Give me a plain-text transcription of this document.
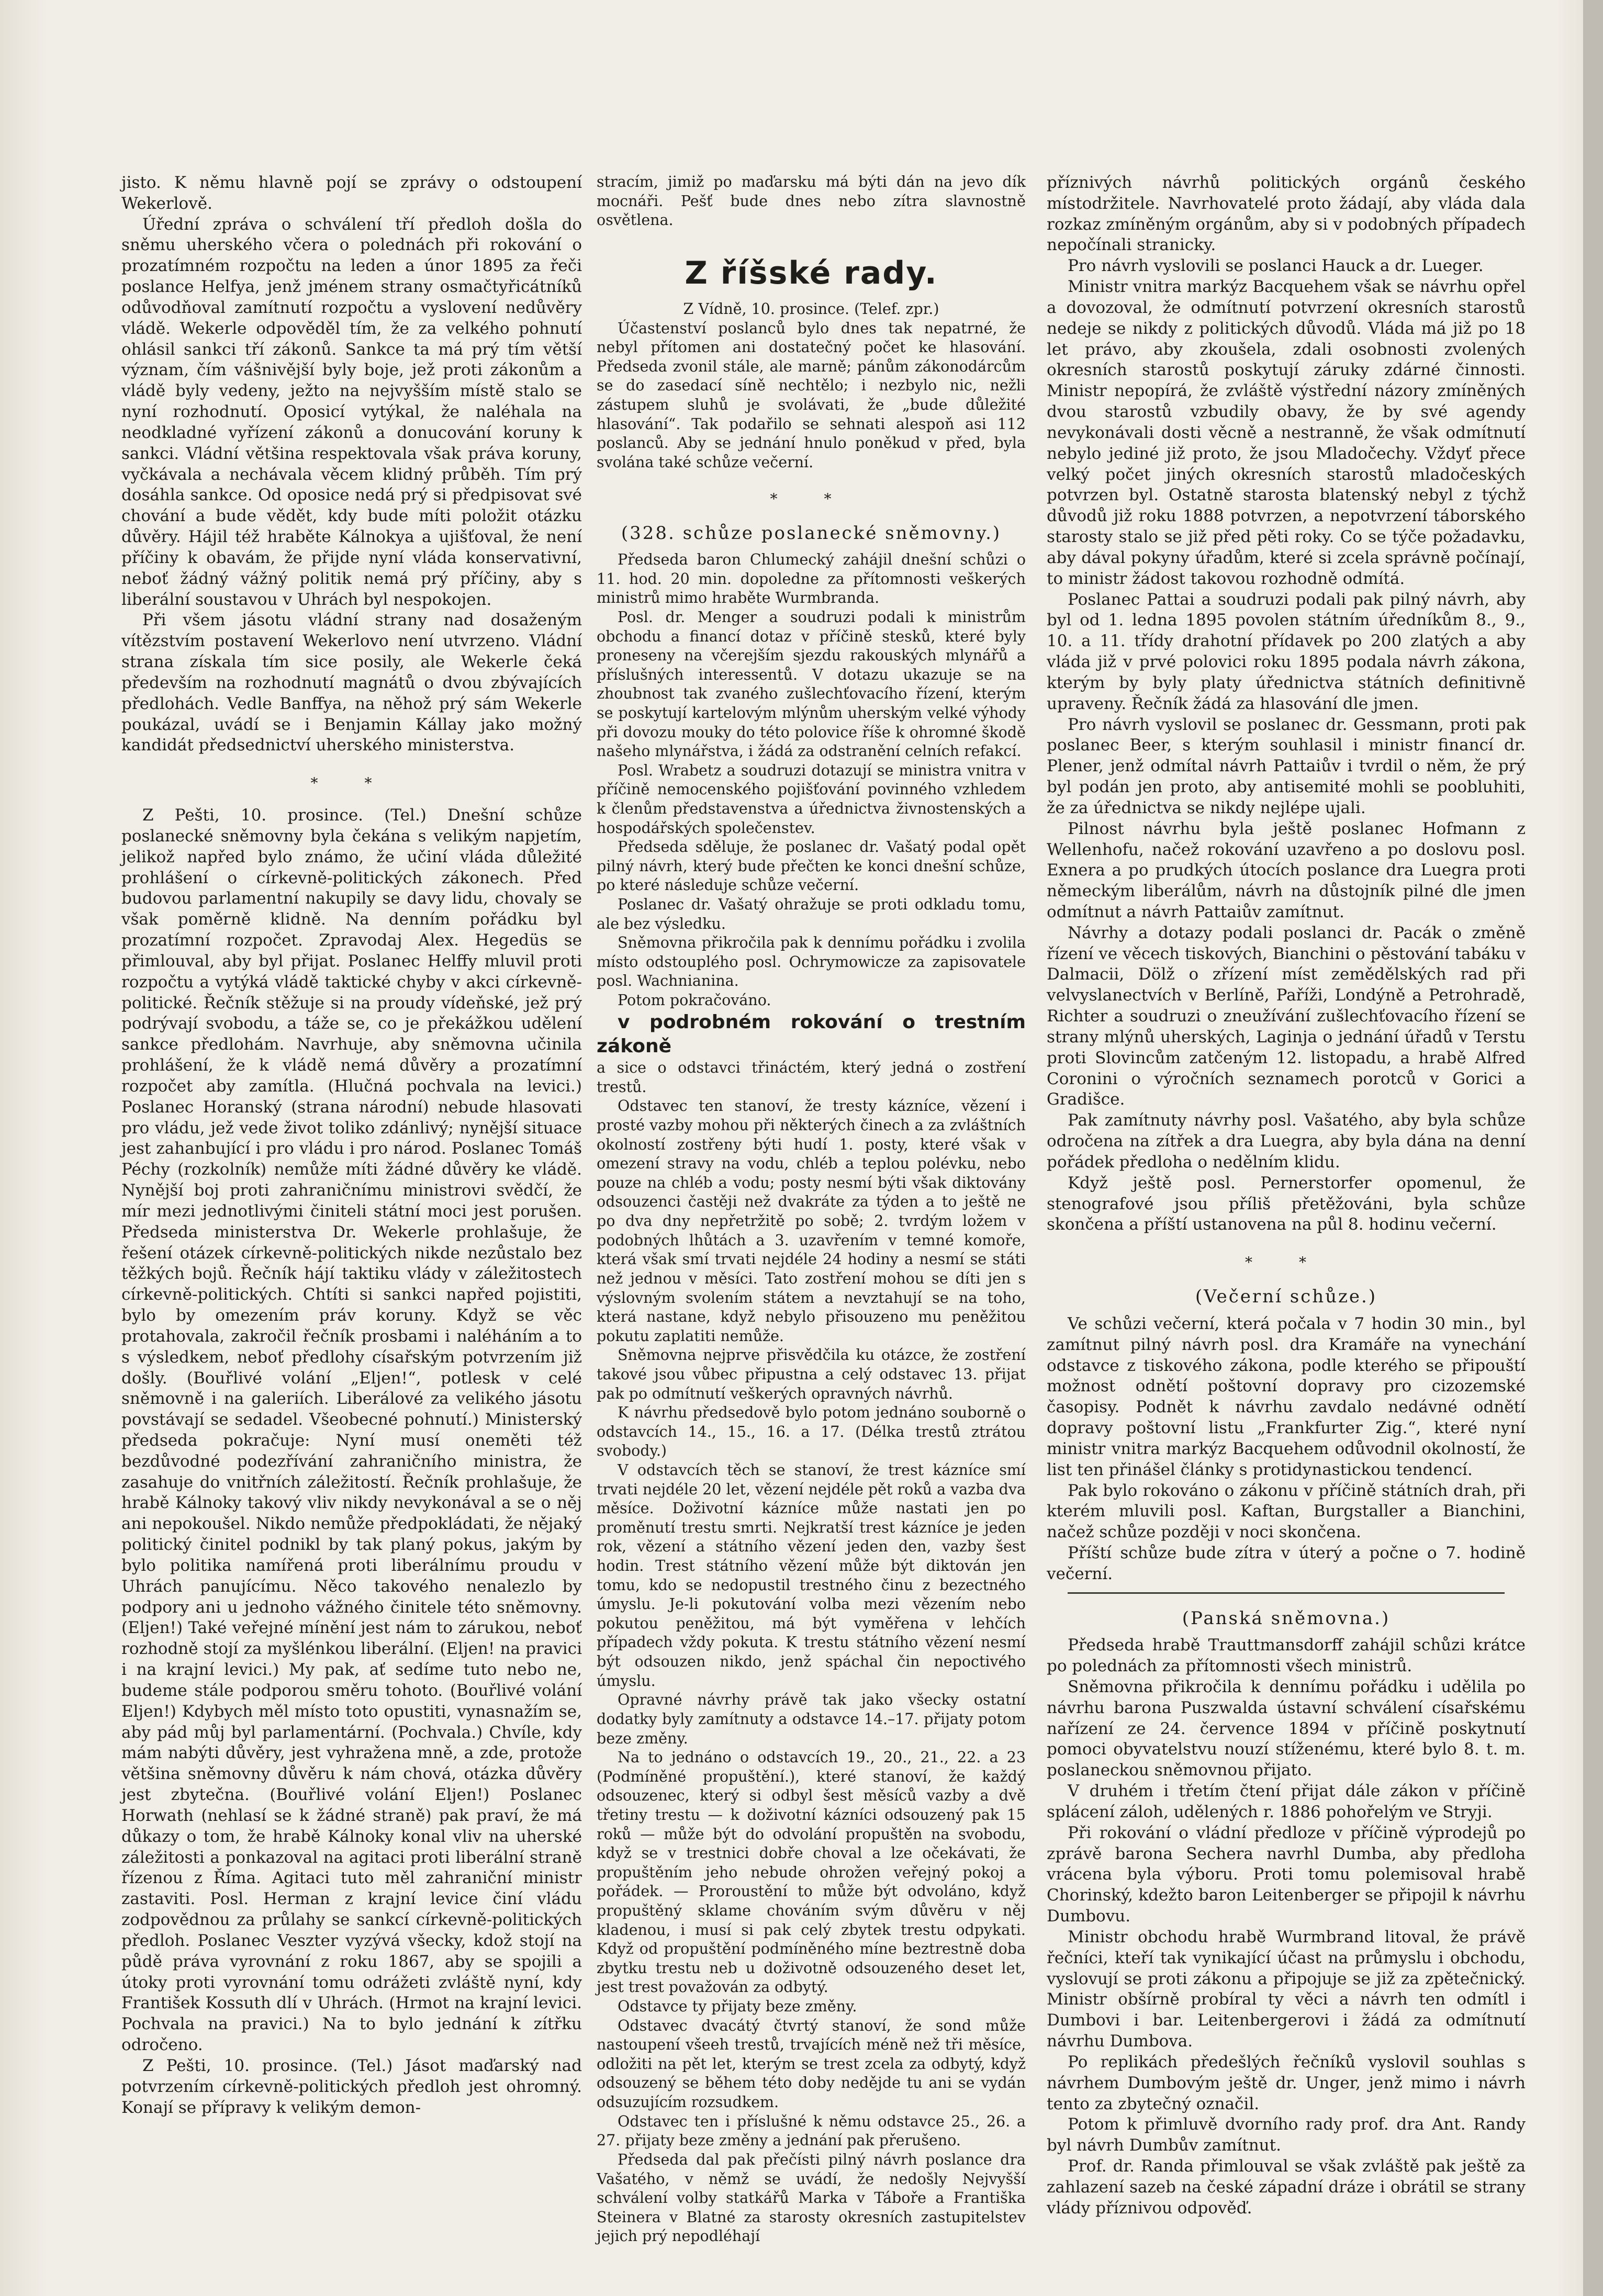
jisto. K němu hlavně pojí se zprávy o odstoupení Wekerlově.

Úřední zpráva o schválení tří předloh došla do sněmu uherského včera o polednách při rokování o prozatímném rozpočtu na leden a únor 1895 za řeči poslance Helfya, jenž jménem strany osmačtyřicátníků odůvodňoval zamítnutí rozpočtu a vyslovení nedůvěry vládě. Wekerle odpověděl tím, že za velkého pohnutí ohlásil sankci tří zákonů. Sankce ta má prý tím větší význam, čím vášnivější byly boje, jež proti zákonům a vládě byly vedeny, ježto na nejvyšším místě stalo se nyní rozhodnutí. Oposicí vytýkal, že naléhala na neodkladné vyřízení zákonů a donucování koruny k sankci. Vládní většina respektovala však práva koruny, vyčkávala a nechávala věcem klidný průběh. Tím prý dosáhla sankce. Od oposice nedá prý si předpisovat své chování a bude vědět, kdy bude míti položit otázku důvěry. Hájil též hraběte Kálnokya a ujišťoval, že není příčiny k obavám, že přijde nyní vláda konservativní, neboť žádný vážný politik nemá prý příčiny, aby s liberální soustavou v Uhrách byl nespokojen.

Při všem jásotu vládní strany nad dosaženým vítězstvím postavení Wekerlovo není utvrzeno. Vládní strana získala tím sice posily, ale Wekerle čeká především na rozhodnutí magnátů o dvou zbývajících předlohách. Vedle Banffya, na něhož prý sám Wekerle poukázal, uvádí se i Benjamin Kállay jako možný kandidát předsednictví uherského ministerstva.

* *

Z Pešti, 10. prosince. (Tel.) Dnešní schůze poslanecké sněmovny byla čekána s velikým napjetím, jelikož napřed bylo známo, že učiní vláda důležité prohlášení o církevně-politických zákonech. Před budovou parlamentní nakupily se davy lidu, chovaly se však poměrně klidně. Na denním pořádku byl prozatímní rozpočet. Zpravodaj Alex. Hegedüs se přimlouval, aby byl přijat. Poslanec Helffy mluvil proti rozpočtu a vytýká vládě taktické chyby v akci církevně-politické. Řečník stěžuje si na proudy vídeňské, jež prý podrývají svobodu, a táže se, co je překážkou udělení sankce předlohám. Navrhuje, aby sněmovna učinila prohlášení, že k vládě nemá důvěry a prozatímní rozpočet aby zamítla. (Hlučná pochvala na levici.) Poslanec Horanský (strana národní) nebude hlasovati pro vládu, jež vede život toliko zdánlivý; nynější situace jest zahanbující i pro vládu i pro národ. Poslanec Tomáš Péchy (rozkolník) nemůže míti žádné důvěry ke vládě. Nynější boj proti zahraničnímu ministrovi svědčí, že mír mezi jednotlivými činiteli státní moci jest porušen. Předseda ministerstva Dr. Wekerle prohlašuje, že řešení otázek církevně-politických nikde nezůstalo bez těžkých bojů. Řečník hájí taktiku vlády v záležitostech církevně-politických. Chtíti si sankci napřed pojistiti, bylo by omezením práv koruny. Když se věc protahovala, zakročil řečník prosbami i naléháním a to s výsledkem, neboť předlohy císařským potvrzením již došly. (Bouřlivé volání „Eljen!“, potlesk v celé sněmovně i na galeriích. Liberálové za velikého jásotu povstávají se sedadel. Všeobecné pohnutí.) Ministerský předseda pokračuje: Nyní musí oneměti též bezdůvodné podezřívání zahraničního ministra, že zasahuje do vnitřních záležitostí. Řečník prohlašuje, že hrabě Kálnoky takový vliv nikdy nevykonával a se o něj ani nepokoušel. Nikdo nemůže předpokládati, že nějaký politický činitel podnikl by tak planý pokus, jakým by bylo politika namířená proti liberálnímu proudu v Uhrách panujícímu. Něco takového nenalezlo by podpory ani u jednoho vážného činitele této sněmovny. (Eljen!) Také veřejné mínění jest nám to zárukou, neboť rozhodně stojí za myšlénkou liberální. (Eljen! na pravici i na krajní levici.) My pak, ať sedíme tuto nebo ne, budeme stále podporou směru tohoto. (Bouřlivé volání Eljen!) Kdybych měl místo toto opustiti, vynasnažím se, aby pád můj byl parlamentární. (Pochvala.) Chvíle, kdy mám nabýti důvěry, jest vyhražena mně, a zde, protože většina sněmovny důvěru k nám chová, otázka důvěry jest zbytečna. (Bouřlivé volání Eljen!) Poslanec Horwath (nehlasí se k žádné straně) pak praví, že má důkazy o tom, že hrabě Kálnoky konal vliv na uherské záležitosti a ponkazoval na agitaci proti liberální straně řízenou z Říma. Agitaci tuto měl zahraniční ministr zastaviti. Posl. Herman z krajní levice činí vládu zodpovědnou za průlahy se sankcí církevně-politických předloh. Poslanec Veszter vyzývá všecky, kdož stojí na půdě práva vyrovnání z roku 1867, aby se spojili a útoky proti vyrovnání tomu odrážeti zvláště nyní, kdy František Kossuth dlí v Uhrách. (Hrmot na krajní levici. Pochvala na pravici.) Na to bylo jednání k zítřku odročeno.

Z Pešti, 10. prosince. (Tel.) Jásot maďarský nad potvrzením církevně-politických předloh jest ohromný. Konají se přípravy k velikým demon-

stracím, jimiž po maďarsku má býti dán na jevo dík mocnáři. Pešť bude dnes nebo zítra slavnostně osvětlena.

Z říšské rady.

Z Vídně, 10. prosince. (Telef. zpr.)

Účastenství poslanců bylo dnes tak nepatrné, že nebyl přítomen ani dostatečný počet ke hlasování. Předseda zvonil stále, ale marně; pánům zákonodárcům se do zasedací síně nechtělo; i nezbylo nic, nežli zástupem sluhů je svolávati, že „bude důležité hlasování“. Tak podařilo se sehnati alespoň asi 112 poslanců. Aby se jednání hnulo poněkud v před, byla svolána také schůze večerní.

* *
(328. schůze poslanecké sněmovny.)

Předseda baron Chlumecký zahájil dnešní schůzi o 11. hod. 20 min. dopoledne za přítomnosti veškerých ministrů mimo hraběte Wurmbranda.

Posl. dr. Menger a soudruzi podali k ministrům obchodu a financí dotaz v příčině stesků, které byly proneseny na včerejším sjezdu rakouských mlynářů a příslušných interessentů. V dotazu ukazuje se na zhoubnost tak zvaného zušlechťovacího řízení, kterým se poskytují kartelovým mlýnům uherským velké výhody při dovozu mouky do této polovice říše k ohromné škodě našeho mlynářstva, i žádá za odstranění celních refakcí.

Posl. Wrabetz a soudruzi dotazují se ministra vnitra v příčině nemocenského pojišťování povinného vzhledem k členům představenstva a úřednictva živnostenských a hospodářských společenstev.

Předseda sděluje, že poslanec dr. Vašatý podal opět pilný návrh, který bude přečten ke konci dnešní schůze, po které následuje schůze večerní.

Poslanec dr. Vašatý ohražuje se proti odkladu tomu, ale bez výsledku.

Sněmovna přikročila pak k dennímu pořádku i zvolila místo odstouplého posl. Ochrymowicze za zapisovatele posl. Wachnianina.

Potom pokračováno.

v podrobném rokování o trestním zákoně

a sice o odstavci třináctém, který jedná o zostření trestů.

Odstavec ten stanoví, že tresty kázníce, vězení i prosté vazby mohou při některých činech a za zvláštních okolností zostřeny býti hudí 1. posty, které však v omezení stravy na vodu, chléb a teplou polévku, nebo pouze na chléb a vodu; posty nesmí býti však diktovány odsouzenci častěji než dvakráte za týden a to ještě ne po dva dny nepřetržitě po sobě; 2. tvrdým ložem v podobných lhůtách a 3. uzavřením v temné komoře, která však smí trvati nejdéle 24 hodiny a nesmí se státi než jednou v měsíci. Tato zostření mohou se díti jen s výslovným svolením státem a nevztahují se na toho, která nastane, když nebylo přisouzeno mu peněžitou pokutu zaplatiti nemůže.

Sněmovna nejprve přisvědčila ku otázce, že zostření takové jsou vůbec připustna a celý odstavec 13. přijat pak po odmítnutí veškerých opravných návrhů.

K návrhu předsedově bylo potom jednáno souborně o odstavcích 14., 15., 16. a 17. (Délka trestů ztrátou svobody.)

V odstavcích těch se stanoví, že trest kázníce smí trvati nejdéle 20 let, vězení nejdéle pět roků a vazba dva měsíce. Doživotní kázníce může nastati jen po proměnutí trestu smrti. Nejkratší trest kázníce je jeden rok, vězení a státního vězení jeden den, vazby šest hodin. Trest státního vězení může být diktován jen tomu, kdo se nedopustil trestného činu z bezectného úmyslu. Je-li pokutování volba mezi vězením nebo pokutou peněžitou, má být vyměřena v lehčích případech vždy pokuta. K trestu státního vězení nesmí být odsouzen nikdo, jenž spáchal čin nepoctivého úmyslu.

Opravné návrhy právě tak jako všecky ostatní dodatky byly zamítnuty a odstavce 14.–17. přijaty potom beze změny.

Na to jednáno o odstavcích 19., 20., 21., 22. a 23 (Podmíněné propuštění.), které stanoví, že každý odsouzenec, který si odbyl šest měsíců vazby a dvě třetiny trestu — k doživotní kázníci odsouzený pak 15 roků — může být do odvolání propuštěn na svobodu, když se v trestnici dobře choval a lze očekávati, že propuštěním jeho nebude ohrožen veřejný pokoj a pořádek. — Proroustění to může být odvoláno, když propuštěný sklame chováním svým důvěru v něj kladenou, i musí si pak celý zbytek trestu odpykati. Když od propuštění podmíněného míne beztrestně doba zbytku trestu neb u doživotně odsouzeného deset let, jest trest považován za odbytý.

Odstavce ty přijaty beze změny.

Odstavec dvacátý čtvrtý stanoví, že sond může nastoupení všeeh trestů, trvajících méně než tři měsíce, odložiti na pět let, kterým se trest zcela za odbytý, když odsouzený se během této doby nedějde tu ani se vydán odsuzujícím rozsudkem.

Odstavec ten i příslušné k němu odstavce 25., 26. a 27. přijaty beze změny a jednání pak přerušeno.

Předseda dal pak přečísti pilný návrh poslance dra Vašatého, v němž se uvádí, že nedošly Nejvyšší schválení volby statkářů Marka v Táboře a Františka Steinera v Blatné za starosty okresních zastupitelstev jejich prý nepodléhají

příznivých návrhů politických orgánů českého místodržitele. Navrhovatelé proto žádají, aby vláda dala rozkaz zmíněným orgánům, aby si v podobných případech nepočínali stranicky.

Pro návrh vyslovili se poslanci Hauck a dr. Lueger.

Ministr vnitra markýz Bacquehem však se návrhu opřel a dovozoval, že odmítnutí potvrzení okresních starostů nedeje se nikdy z politických důvodů. Vláda má již po 18 let právo, aby zkoušela, zdali osobnosti zvolených okresních starostů poskytují záruky zdárné činnosti. Ministr nepopírá, že zvláště výstřední názory zmíněných dvou starostů vzbudily obavy, že by své agendy nevykonávali dosti věcně a nestranně, že však odmítnutí nebylo jediné již proto, že jsou Mladočechy. Vždyť přece velký počet jiných okresních starostů mladočeských potvrzen byl. Ostatně starosta blatenský nebyl z týchž důvodů již roku 1888 potvrzen, a nepotvrzení táborského starosty stalo se již před pěti roky. Co se týče požadavku, aby dával pokyny úřadům, které si zcela správně počínají, to ministr žádost takovou rozhodně odmítá.

Poslanec Pattai a soudruzi podali pak pilný návrh, aby byl od 1. ledna 1895 povolen státním úředníkům 8., 9., 10. a 11. třídy drahotní přídavek po 200 zlatých a aby vláda již v prvé polovici roku 1895 podala návrh zákona, kterým by byly platy úřednictva státních definitivně upraveny. Řečník žádá za hlasování dle jmen.

Pro návrh vyslovil se poslanec dr. Gessmann, proti pak poslanec Beer, s kterým souhlasil i ministr financí dr. Plener, jenž odmítal návrh Pattaiův i tvrdil o něm, že prý byl podán jen proto, aby antisemité mohli se poobluhiti, že za úřednictva se nikdy nejlépe ujali.

Pilnost návrhu byla ještě poslanec Hofmann z Wellenhofu, načež rokování uzavřeno a po doslovu posl. Exnera a po prudkých útocích poslance dra Luegra proti německým liberálům, návrh na důstojník pilné dle jmen odmítnut a návrh Pattaiův zamítnut.

Návrhy a dotazy podali poslanci dr. Pacák o změně řízení ve věcech tiskových, Bianchini o pěstování tabáku v Dalmacii, Dölž o zřízení míst zemědělských rad při velvyslanectvích v Berlíně, Paříži, Londýně a Petrohradě, Richter a soudruzi o zneužívání zušlechťovacího řízení se strany mlýnů uherských, Laginja o jednání úřadů v Terstu proti Slovincům zatčeným 12. listopadu, a hrabě Alfred Coronini o výročních seznamech porotců v Gorici a Gradišce.

Pak zamítnuty návrhy posl. Vašatého, aby byla schůze odročena na zítřek a dra Luegra, aby byla dána na denní pořádek předloha o nedělním klidu.

Když ještě posl. Pernerstorfer opomenul, že stenografové jsou příliš přetěžováni, byla schůze skončena a příští ustanovena na půl 8. hodinu večerní.

* *
(Večerní schůze.)

Ve schůzi večerní, která počala v 7 hodin 30 min., byl zamítnut pilný návrh posl. dra Kramáře na vynechání odstavce z tiskového zákona, podle kterého se připouští možnost odnětí poštovní dopravy pro cizozemské časopisy. Podnět k návrhu zavdalo nedávné odnětí dopravy poštovní listu „Frankfurter Zig.“, které nyní ministr vnitra markýz Bacquehem odůvodnil okolností, že list ten přinášel články s protidynastickou tendencí.

Pak bylo rokováno o zákonu v příčině státních drah, při kterém mluvili posl. Kaftan, Burgstaller a Bianchini, načež schůze později v noci skončena.

Příští schůze bude zítra v úterý a počne o 7. hodině večerní.

(Panská sněmovna.)

Předseda hrabě Trauttmansdorff zahájil schůzi krátce po polednách za přítomnosti všech ministrů.

Sněmovna přikročila k dennímu pořádku i udělila po návrhu barona Puszwalda ústavní schválení císařskému nařízení ze 24. července 1894 v příčině poskytnutí pomoci obyvatelstvu nouzí stíženému, které bylo 8. t. m. poslaneckou sněmovnou přijato.

V druhém i třetím čtení přijat dále zákon v příčině splácení záloh, udělených r. 1886 pohořelým ve Stryji.

Při rokování o vládní předloze v příčině výprodejů po zprávě barona Sechera navrhl Dumba, aby předloha vrácena byla výboru. Proti tomu polemisoval hrabě Chorinský, kdežto baron Leitenberger se připojil k návrhu Dumbovu.

Ministr obchodu hrabě Wurmbrand litoval, že právě řečníci, kteří tak vynikající účast na průmyslu i obchodu, vyslovují se proti zákonu a připojuje se již za zpětečnický. Ministr obšírně probíral ty věci a návrh ten odmítl i Dumbovi i bar. Leitenbergerovi i žádá za odmítnutí návrhu Dumbova.

Po replikách předešlých řečníků vyslovil souhlas s návrhem Dumbovým ještě dr. Unger, jenž mimo i návrh tento za zbytečný označil.

Potom k přimluvě dvorního rady prof. dra Ant. Randy byl návrh Dumbův zamítnut.

Prof. dr. Randa přimlouval se však zvláště pak ještě za zahlazení sazeb na české západní dráze i obrátil se strany vlády příznivou odpověď.
